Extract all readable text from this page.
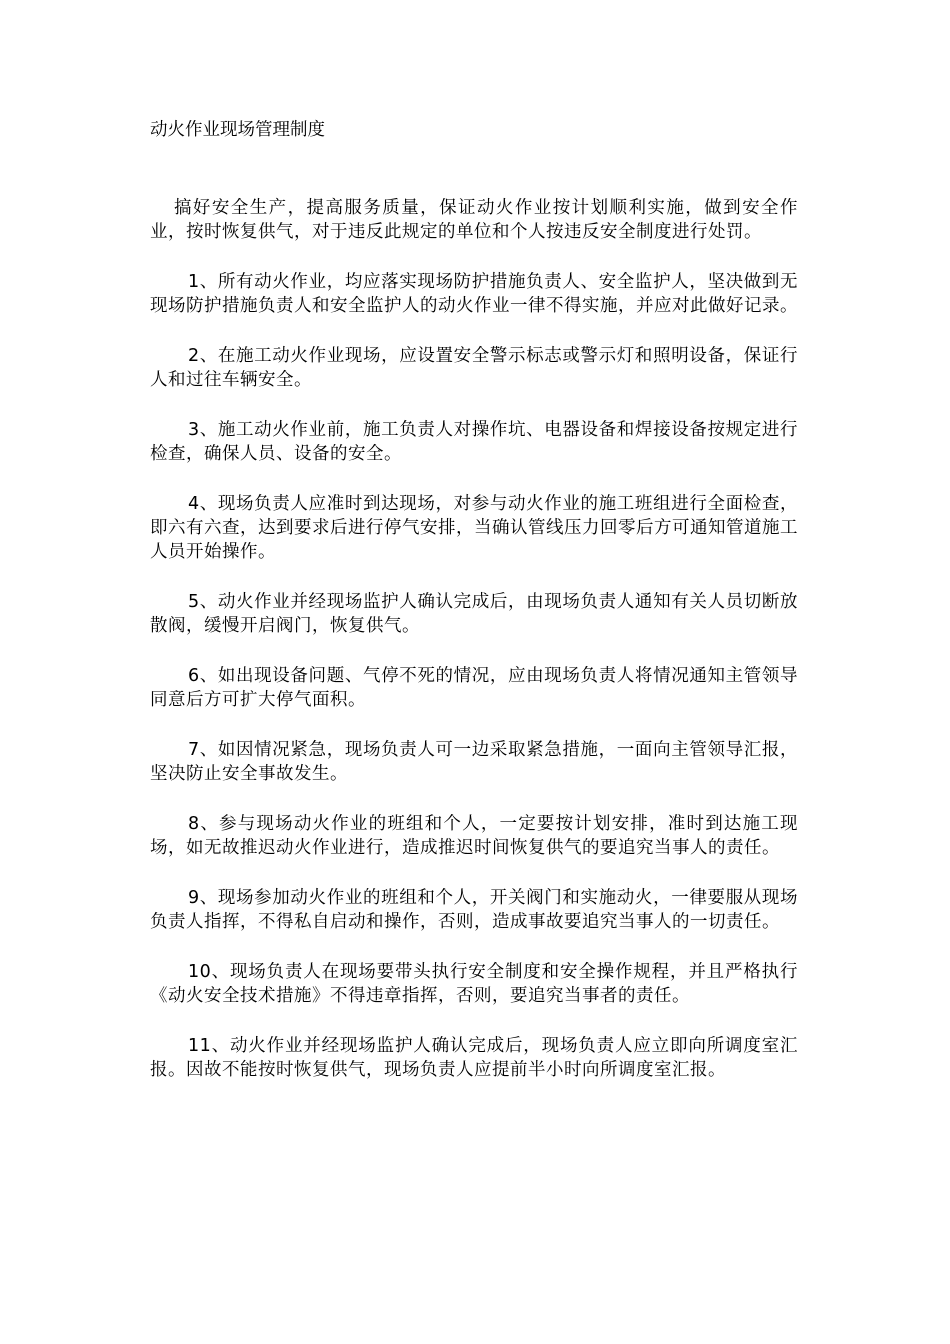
动火作业现场管理制度

搞好安全生产，提高服务质量，保证动火作业按计划顺利实施，做到安全作业，按时恢复供气，对于违反此规定的单位和个人按违反安全制度进行处罚。

1、所有动火作业，均应落实现场防护措施负责人、安全监护人，坚决做到无现场防护措施负责人和安全监护人的动火作业一律不得实施，并应对此做好记录。

2、在施工动火作业现场，应设置安全警示标志或警示灯和照明设备，保证行人和过往车辆安全。

3、施工动火作业前，施工负责人对操作坑、电器设备和焊接设备按规定进行检查，确保人员、设备的安全。

4、现场负责人应准时到达现场，对参与动火作业的施工班组进行全面检查，即六有六查，达到要求后进行停气安排，当确认管线压力回零后方可通知管道施工人员开始操作。

5、动火作业并经现场监护人确认完成后，由现场负责人通知有关人员切断放散阀，缓慢开启阀门，恢复供气。

6、如出现设备问题、气停不死的情况，应由现场负责人将情况通知主管领导同意后方可扩大停气面积。

7、如因情况紧急，现场负责人可一边采取紧急措施，一面向主管领导汇报，坚决防止安全事故发生。

8、参与现场动火作业的班组和个人，一定要按计划安排，准时到达施工现场，如无故推迟动火作业进行，造成推迟时间恢复供气的要追究当事人的责任。

9、现场参加动火作业的班组和个人，开关阀门和实施动火，一律要服从现场负责人指挥，不得私自启动和操作，否则，造成事故要追究当事人的一切责任。

10、现场负责人在现场要带头执行安全制度和安全操作规程，并且严格执行《动火安全技术措施》不得违章指挥，否则，要追究当事者的责任。

11、动火作业并经现场监护人确认完成后，现场负责人应立即向所调度室汇报。因故不能按时恢复供气，现场负责人应提前半小时向所调度室汇报。
